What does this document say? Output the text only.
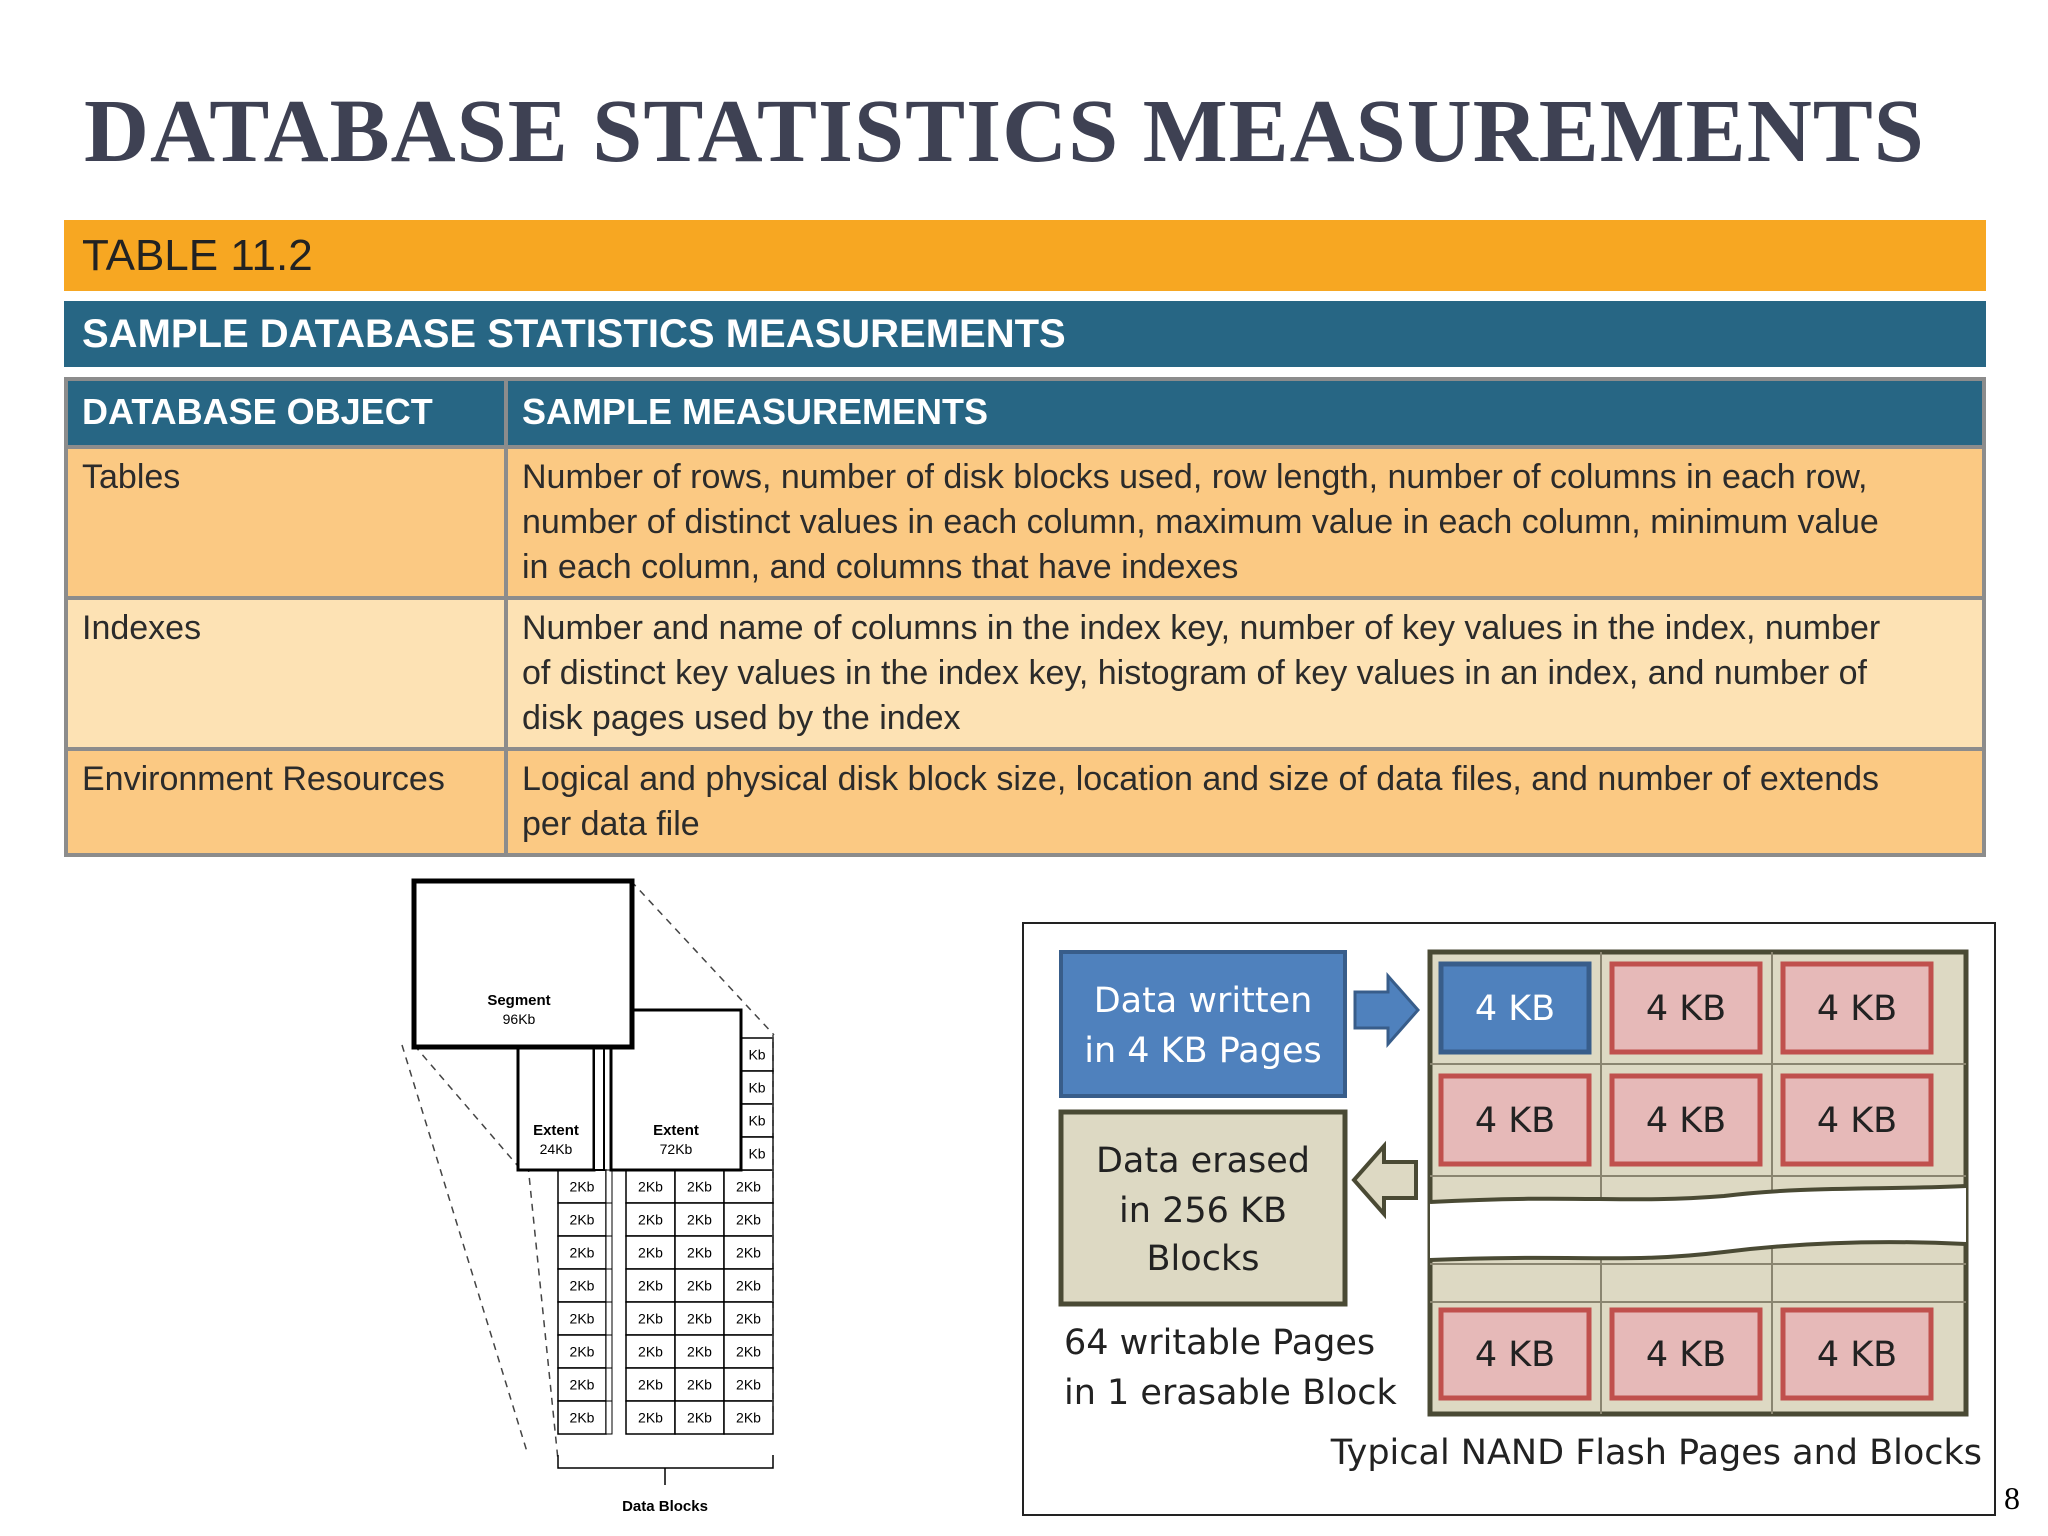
DATABASE STATISTICS MEASUREMENTS
TABLE 11.2
SAMPLE DATABASE STATISTICS MEASUREMENTS
DATABASE OBJECT	SAMPLE MEASUREMENTS
Tables	Number of rows, number of disk blocks used, row length, number of columns in each row,
number of distinct values in each column, maximum value in each column, minimum value
in each column, and columns that have indexes

Indexes	Number and name of columns in the index key, number of key values in the index, number
of distinct key values in the index key, histogram of key values in an index, and number of
disk pages used by the index

Environment Resources	Logical and physical disk block size, location and size of data files, and number of extends
per data file
2Kb 2Kb 2Kb
2Kb 2Kb 2Kb
2Kb 2Kb 2Kb
2Kb 2Kb 2Kb
2Kb 2Kb 2Kb
2Kb 2Kb 2Kb
2Kb 2Kb 2Kb
2Kb 2Kb 2Kb
Kb
Kb
Kb
Kb
2Kb
2Kb
2Kb
2Kb
2Kb
2Kb
2Kb
2Kb
Extent
72Kb
Extent
24Kb
Segment
96Kb
Data Blocks
Data written
in 4 KB Pages
Data erased
in 256 KB
Blocks
64 writable Pages
in 1 erasable Block
4 KB	4 KB	4 KB
4 KB	4 KB	4 KB
4 KB	4 KB	4 KB
Typical NAND Flash Pages and Blocks
8
